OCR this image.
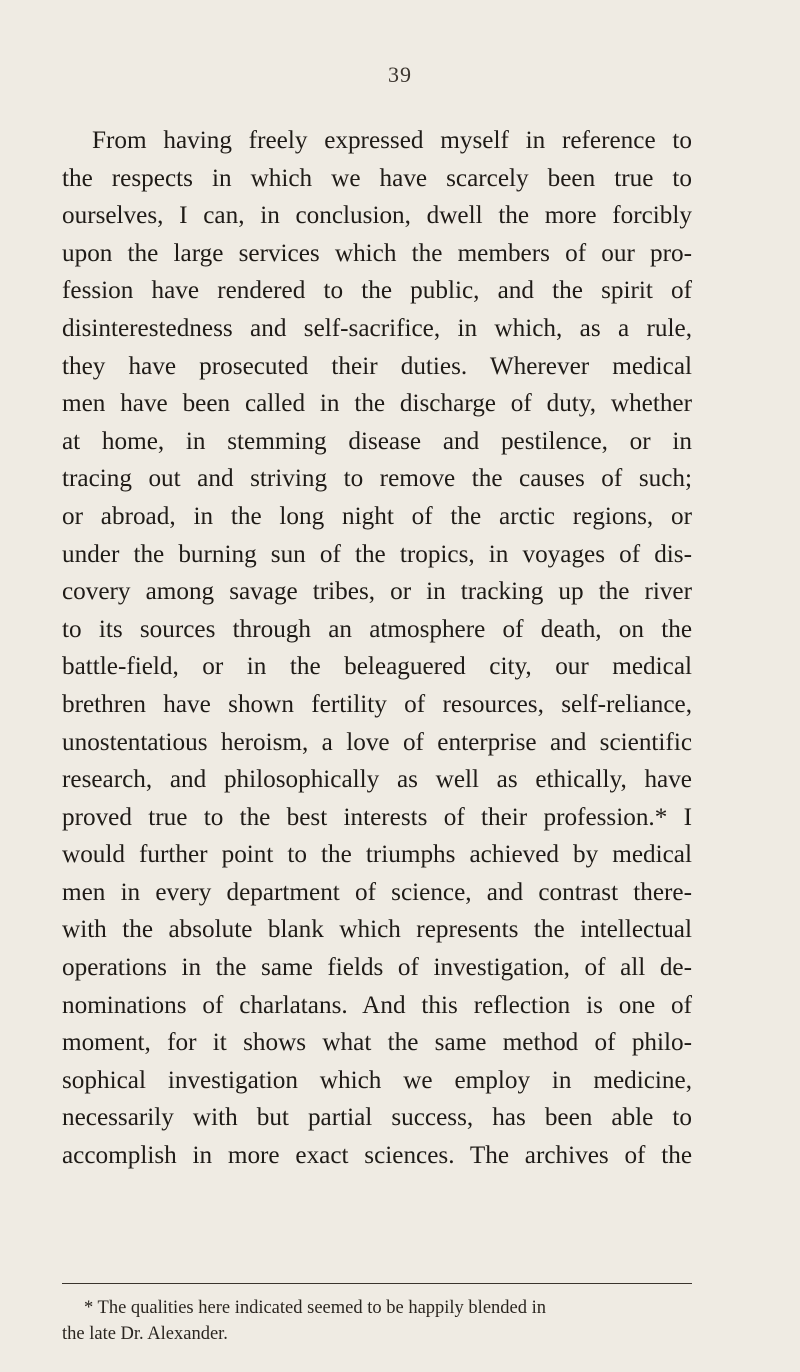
39
From having freely expressed myself in reference to
the respects in which we have scarcely been true to
ourselves, I can, in conclusion, dwell the more forcibly
upon the large services which the members of our pro-
fession have rendered to the public, and the spirit of
disinterestedness and self-sacrifice, in which, as a rule,
they have prosecuted their duties. Wherever medical
men have been called in the discharge of duty, whether
at home, in stemming disease and pestilence, or in
tracing out and striving to remove the causes of such;
or abroad, in the long night of the arctic regions, or
under the burning sun of the tropics, in voyages of dis-
covery among savage tribes, or in tracking up the river
to its sources through an atmosphere of death, on the
battle-field, or in the beleaguered city, our medical
brethren have shown fertility of resources, self-reliance,
unostentatious heroism, a love of enterprise and scientific
research, and philosophically as well as ethically, have
proved true to the best interests of their profession.* I
would further point to the triumphs achieved by medical
men in every department of science, and contrast there-
with the absolute blank which represents the intellectual
operations in the same fields of investigation, of all de-
nominations of charlatans. And this reflection is one of
moment, for it shows what the same method of philo-
sophical investigation which we employ in medicine,
necessarily with but partial success, has been able to
accomplish in more exact sciences. The archives of the
* The qualities here indicated seemed to be happily blended in
the late Dr. Alexander.
